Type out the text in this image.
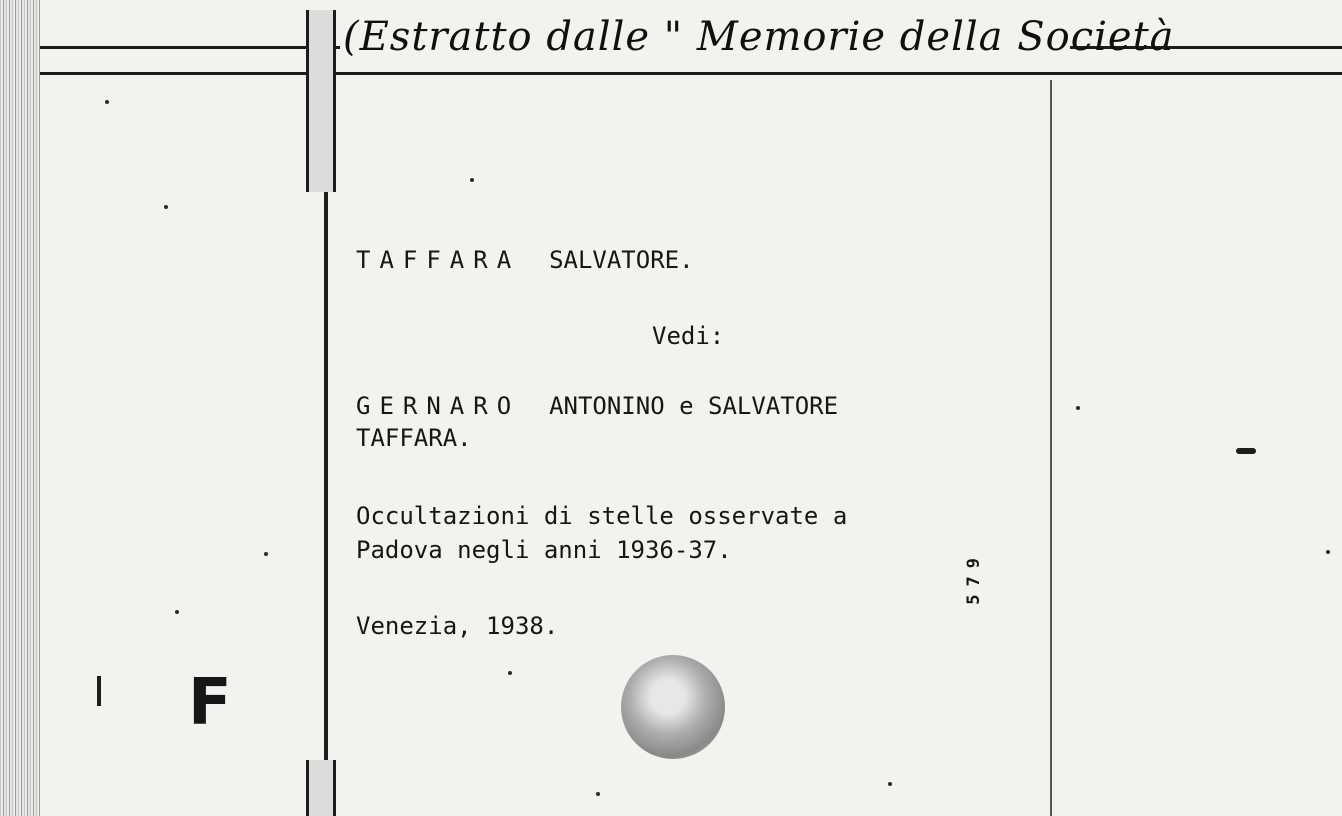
(Estratto dalle " Memorie della Società

TAFFARA SALVATORE.

Vedi:

GERNARO ANTONINO e SALVATORE

TAFFARA.

Occultazioni di stelle osservate a

Padova negli anni 1936-37.

Venezia, 1938.

579

F
